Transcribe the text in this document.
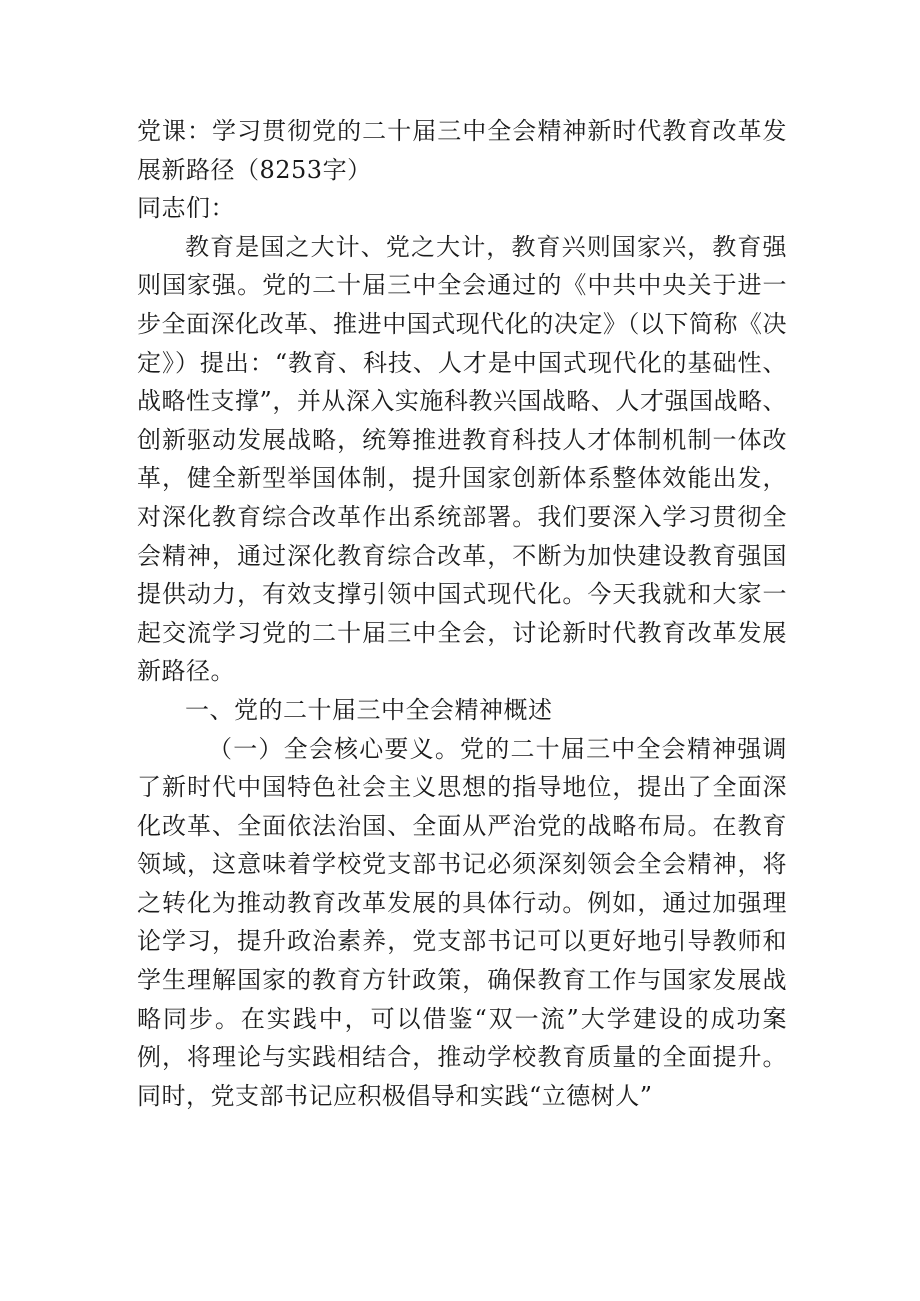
党课：学习贯彻党的二十届三中全会精神新时代教育改革发展新路径（8253字）

同志们：

教育是国之大计、党之大计，教育兴则国家兴，教育强则国家强。党的二十届三中全会通过的《中共中央关于进一步全面深化改革、推进中国式现代化的决定》（以下简称《决定》）提出：“教育、科技、人才是中国式现代化的基础性、战略性支撑”，并从深入实施科教兴国战略、人才强国战略、创新驱动发展战略，统筹推进教育科技人才体制机制一体改革，健全新型举国体制，提升国家创新体系整体效能出发，对深化教育综合改革作出系统部署。我们要深入学习贯彻全会精神，通过深化教育综合改革，不断为加快建设教育强国提供动力，有效支撑引领中国式现代化。今天我就和大家一起交流学习党的二十届三中全会，讨论新时代教育改革发展新路径。

一、党的二十届三中全会精神概述

（一）全会核心要义。党的二十届三中全会精神强调了新时代中国特色社会主义思想的指导地位，提出了全面深化改革、全面依法治国、全面从严治党的战略布局。在教育领域，这意味着学校党支部书记必须深刻领会全会精神，将之转化为推动教育改革发展的具体行动。例如，通过加强理论学习，提升政治素养，党支部书记可以更好地引导教师和学生理解国家的教育方针政策，确保教育工作与国家发展战略同步。在实践中，可以借鉴“双一流”大学建设的成功案例，将理论与实践相结合，推动学校教育质量的全面提升。同时，党支部书记应积极倡导和实践“立德树人”
